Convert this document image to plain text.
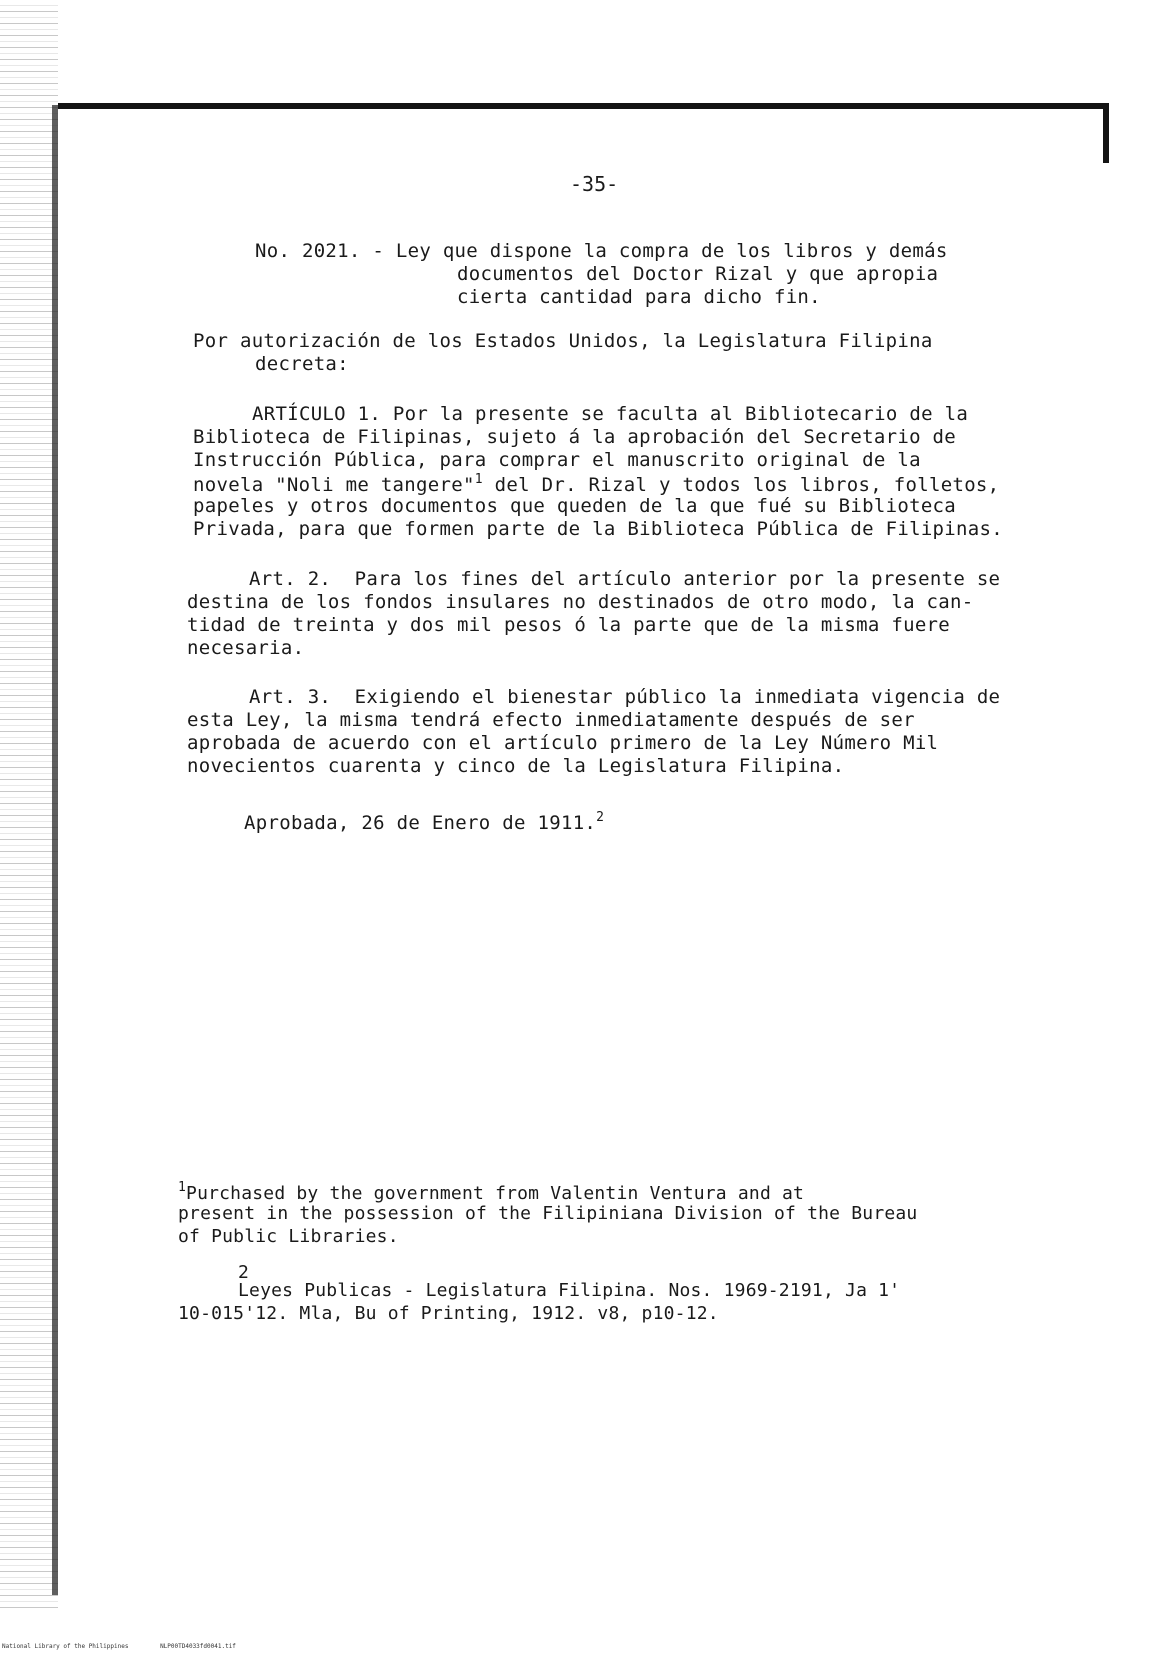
-35-
No. 2021. - Ley que dispone la compra de los libros y demás
documentos del Doctor Rizal y que apropia
cierta cantidad para dicho fin.
Por autorización de los Estados Unidos, la Legislatura Filipina
decreta:
ARTÍCULO 1. Por la presente se faculta al Bibliotecario de la
Biblioteca de Filipinas, sujeto á la aprobación del Secretario de
Instrucción Pública, para comprar el manuscrito original de la
novela "Noli me tangere"$^1$ del Dr. Rizal y todos los libros, folletos,
papeles y otros documentos que queden de la que fué su Biblioteca
Privada, para que formen parte de la Biblioteca Pública de Filipinas.
Art. 2.  Para los fines del artículo anterior por la presente se
destina de los fondos insulares no destinados de otro modo, la can-
tidad de treinta y dos mil pesos ó la parte que de la misma fuere
necesaria.
Art. 3.  Exigiendo el bienestar público la inmediata vigencia de
esta Ley, la misma tendrá efecto inmediatamente después de ser
aprobada de acuerdo con el artículo primero de la Ley Número Mil
novecientos cuarenta y cinco de la Legislatura Filipina.
Aprobada, 26 de Enero de 1911.$^2$
$^1$Purchased by the government from Valentin Ventura and at
present in the possession of the Filipiniana Division of the Bureau
of Public Libraries.
2
Leyes Publicas - Legislatura Filipina. Nos. 1969-2191, Ja 1'
10-015'12. Mla, Bu of Printing, 1912. v8, p10-12.
National Library of the Philippines	NLP00TD4033fd0041.tif
